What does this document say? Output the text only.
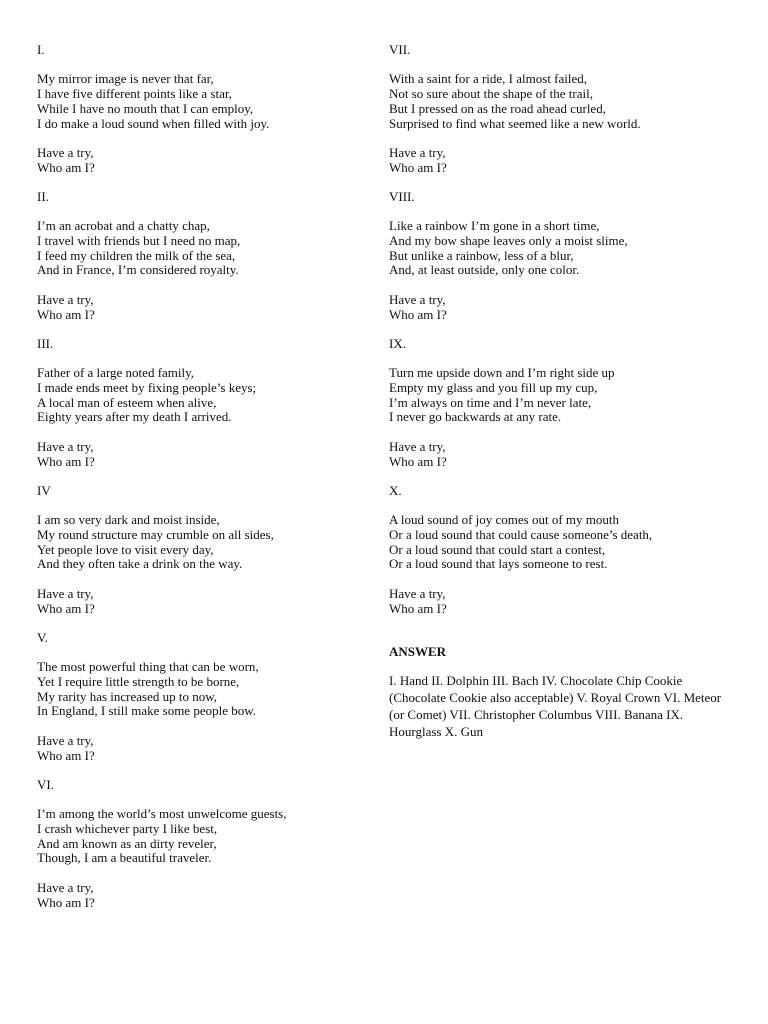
I.

My mirror image is never that far,
I have five different points like a star,
While I have no mouth that I can employ,
I do make a loud sound when filled with joy.

Have a try,
Who am I?

II.

I’m an acrobat and a chatty chap,
I travel with friends but I need no map,
I feed my children the milk of the sea,
And in France, I’m considered royalty.

Have a try,
Who am I?

III.

Father of a large noted family,
I made ends meet by fixing people’s keys;
A local man of esteem when alive,
Eighty years after my death I arrived.

Have a try,
Who am I?

IV

I am so very dark and moist inside,
My round structure may crumble on all sides,
Yet people love to visit every day,
And they often take a drink on the way.

Have a try,
Who am I?

V.

The most powerful thing that can be worn,
Yet I require little strength to be borne,
My rarity has increased up to now,
In England, I still make some people bow.

Have a try,
Who am I?

VI.

I’m among the world’s most unwelcome guests,
I crash whichever party I like best,
And am known as an dirty reveler,
Though, I am a beautiful traveler.

Have a try,
Who am I?

VII.

With a saint for a ride, I almost failed,
Not so sure about the shape of the trail,
But I pressed on as the road ahead curled,
Surprised to find what seemed like a new world.

Have a try,
Who am I?

VIII.

Like a rainbow I’m gone in a short time,
And my bow shape leaves only a moist slime,
But unlike a rainbow, less of a blur,
And, at least outside, only one color.

Have a try,
Who am I?

IX.

Turn me upside down and I’m right side up
Empty my glass and you fill up my cup,
I’m always on time and I’m never late,
I never go backwards at any rate.

Have a try,
Who am I?

X.

A loud sound of joy comes out of my mouth
Or a loud sound that could cause someone’s death,
Or a loud sound that could start a contest,
Or a loud sound that lays someone to rest.

Have a try,
Who am I?

ANSWER

I. Hand II. Dolphin III. Bach IV. Chocolate Chip Cookie (Chocolate Cookie also acceptable) V. Royal Crown VI. Meteor (or Comet) VII. Christopher Columbus VIII. Banana IX. Hourglass X. Gun
